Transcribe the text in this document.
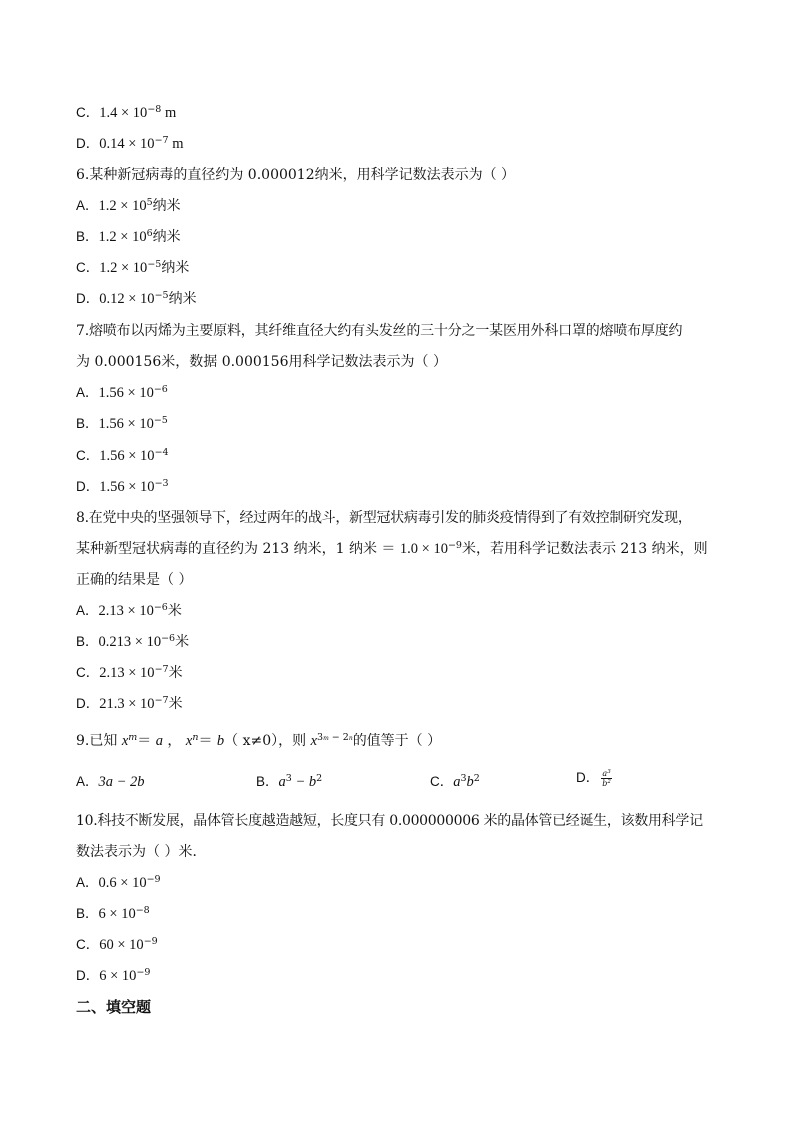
C．$1.4 \times 10^{-8}$ m
D．$0.14 \times 10^{-7}$ m
6.某种新冠病毒的直径约为 0.000012纳米，用科学记数法表示为（ ）
A．$1.2 \times 10^5$纳米
B．$1.2 \times 10^6$纳米
C．$1.2 \times 10^{-5}$纳米
D．$0.12 \times 10^{-5}$纳米
7.熔喷布以丙烯为主要原料，其纤维直径大约有头发丝的三十分之一某医用外科口罩的熔喷布厚度约
为 0.000156米，数据 0.000156用科学记数法表示为（ ）
A．$1.56 \times 10^{-6}$
B．$1.56 \times 10^{-5}$
C．$1.56 \times 10^{-4}$
D．$1.56 \times 10^{-3}$
8.在党中央的坚强领导下，经过两年的战斗，新型冠状病毒引发的肺炎疫情得到了有效控制研究发现，
某种新型冠状病毒的直径约为 213 纳米，1 纳米 ＝ $1.0 \times 10^{-9}$米，若用科学记数法表示 213 纳米，则
正确的结果是（ ）
A．$2.13 \times 10^{-6}$米
B．$0.213 \times 10^{-6}$米
C．$2.13 \times 10^{-7}$米
D．$21.3 \times 10^{-7}$米
9.已知 $x^m= a$ ， $x^n= b$（ x≠0），则 $x^{3m - 2n}$的值等于（ ）
A．3a − 2b	B．$a^3 - b^2$	C．$a^3b^2$	D． $\frac{a^3}{b^2}$
10.科技不断发展，晶体管长度越造越短，长度只有 0.000000006 米的晶体管已经诞生，该数用科学记
数法表示为（ ）米．
A．$0.6 \times 10^{-9}$
B．$6 \times 10^{-8}$
C．$60 \times 10^{-9}$
D．$6 \times 10^{-9}$
二、填空题
